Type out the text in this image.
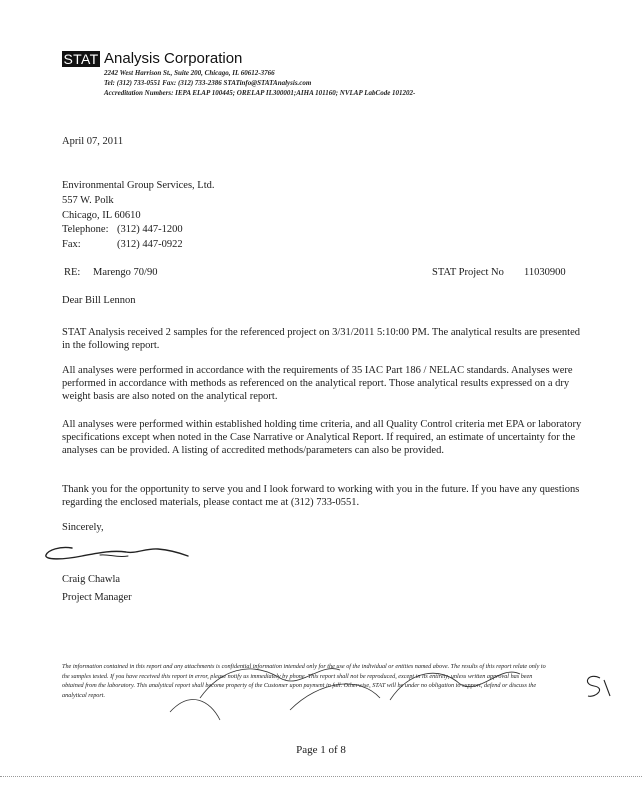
STAT Analysis Corporation
2242 West Harrison St., Suite 200, Chicago, IL 60612-3766
Tel: (312) 733-0551 Fax: (312) 733-2386 STATinfo@STATAnalysis.com
Accreditation Numbers: IEPA ELAP 100445; ORELAP IL300001;AIHA 101160; NVLAP LabCode 101202-
April 07, 2011
Environmental Group Services, Ltd.
557 W. Polk
Chicago, IL 60610
Telephone: (312) 447-1200
Fax:	(312) 447-0922
RE: Marengo 70/90	STAT Project No 11030900
Dear Bill Lennon
STAT Analysis received 2 samples for the referenced project on 3/31/2011 5:10:00 PM. The analytical results are presented in the following report.
All analyses were performed in accordance with the requirements of 35 IAC Part 186 / NELAC standards. Analyses were performed in accordance with methods as referenced on the analytical report. Those analytical results expressed on a dry weight basis are also noted on the analytical report.
All analyses were performed within established holding time criteria, and all Quality Control criteria met EPA or laboratory specifications except when noted in the Case Narrative or Analytical Report. If required, an estimate of uncertainty for the analyses can be provided. A listing of accredited methods/parameters can also be provided.
Thank you for the opportunity to serve you and I look forward to working with you in the future. If you have any questions regarding the enclosed materials, please contact me at (312) 733-0551.
Sincerely,
Craig Chawla
Project Manager
The information contained in this report and any attachments is confidential information intended only for the use of the individual or entities named above. The results of this report relate only to the samples tested. If you have received this report in error, please notify us immediately by phone. This report shall not be reproduced, except in its entirety, unless written approval has been obtained from the laboratory. This analytical report shall become property of the Customer upon payment in full. Otherwise, STAT will be under no obligation to support, defend or discuss the analytical report.
Page 1 of 8
